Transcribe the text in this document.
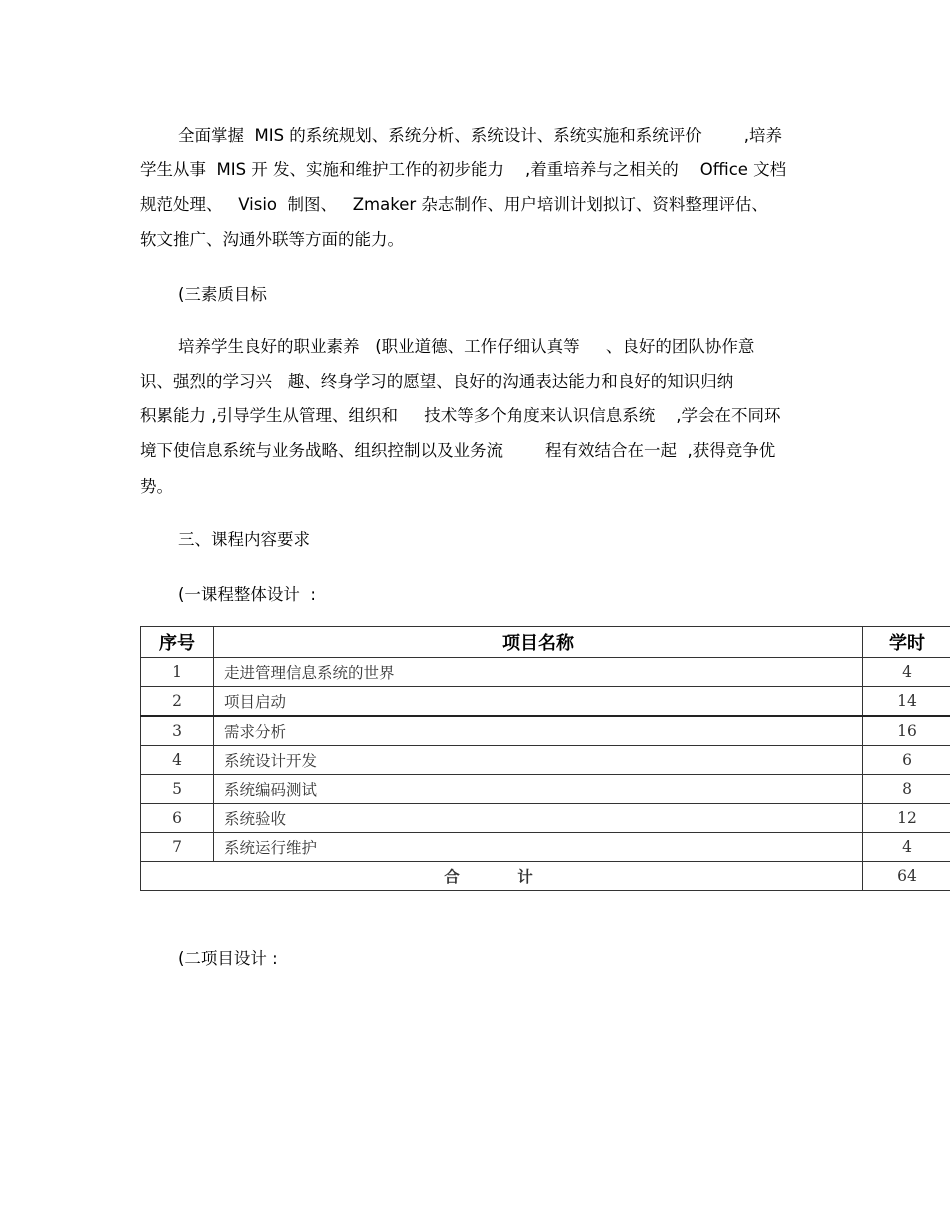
全面掌握  MIS 的系统规划、系统分析、系统设计、系统实施和系统评价        ,培养
学生从事  MIS 开 发、实施和维护工作的初步能力    ,着重培养与之相关的    Office 文档
规范处理、   Visio  制图、   Zmaker 杂志制作、用户培训计划拟订、资料整理评估、
软文推广、沟通外联等方面的能力。
(三素质目标
培养学生良好的职业素养   (职业道德、工作仔细认真等     、良好的团队协作意
识、强烈的学习兴   趣、终身学习的愿望、良好的沟通表达能力和良好的知识归纳
积累能力 ,引导学生从管理、组织和     技术等多个角度来认识信息系统    ,学会在不同环
境下使信息系统与业务战略、组织控制以及业务流        程有效结合在一起  ,获得竞争优
势。
三、课程内容要求
(一课程整体设计  :
序号	项目名称	学时
1	走进管理信息系统的世界	4
2	项目启动	14
3	需求分析	16
4	系统设计开发	6
5	系统编码测试	8
6	系统验收	12
7	系统运行维护	4
合 计		64
(二项目设计 :
